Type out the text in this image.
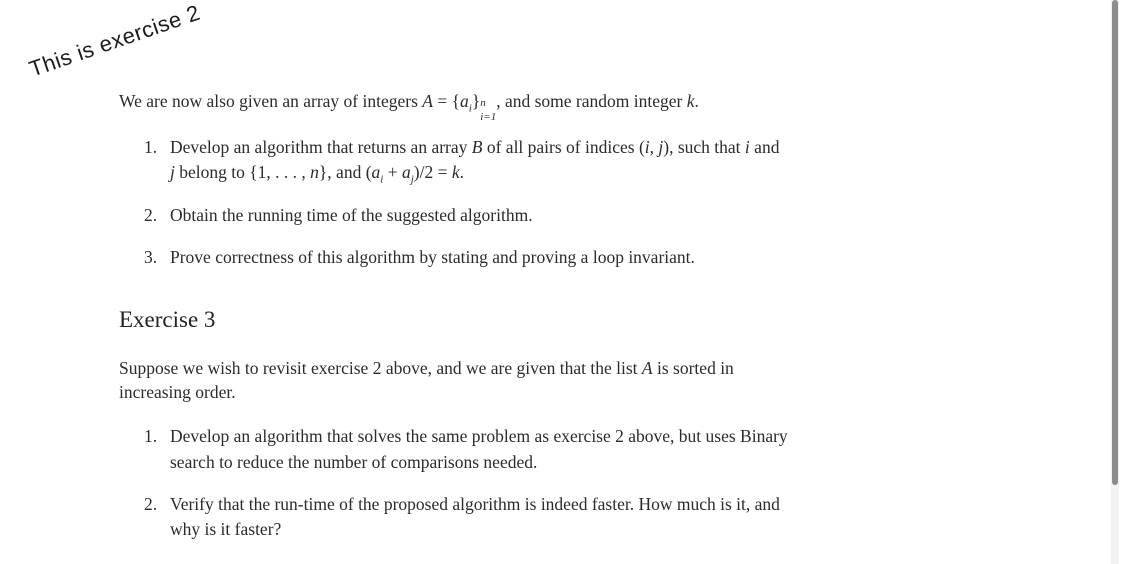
This is exercise 2
We are now also given an array of integers $A = \{a_i\}$ n
i=1
, and some random integer k.
1. Develop an algorithm that returns an array B of all pairs of indices (i, j), such that i and
j belong to {1, . . . , n}, and $(a_i + a_j)/2 = k$.
2. Obtain the running time of the suggested algorithm.
3. Prove correctness of this algorithm by stating and proving a loop invariant.
Exercise 3
Suppose we wish to revisit exercise 2 above, and we are given that the list A is sorted in
increasing order.
1. Develop an algorithm that solves the same problem as exercise 2 above, but uses Binary
search to reduce the number of comparisons needed.
2. Verify that the run-time of the proposed algorithm is indeed faster. How much is it, and
why is it faster?
